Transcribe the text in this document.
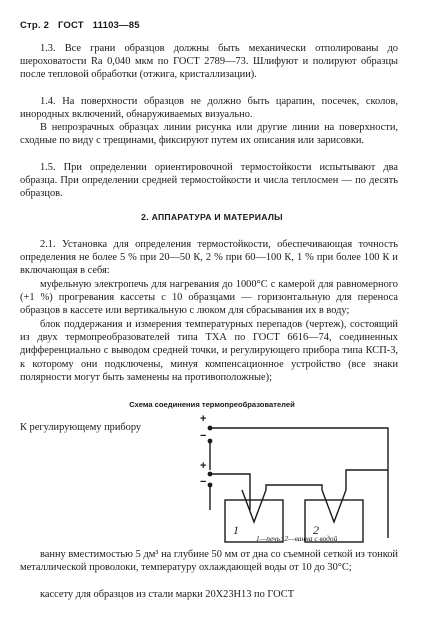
Стр. 2 ГОСТ 11103—85

1.3. Все грани образцов должны быть механически отполированы до шероховатости Ra 0,040 мкм по ГОСТ 2789—73. Шлифуют и полируют образцы после тепловой обработки (отжига, кристаллизации).

1.4. На поверхности образцов не должно быть царапин, посечек, сколов, инородных включений, обнаруживаемых визуально.

В непрозрачных образцах линии рисунка или другие линии на поверхности, сходные по виду с трещинами, фиксируют путем их описания или зарисовки.

1.5. При определении ориентировочной термостойкости испытывают два образца. При определении средней термостойкости и числа теплосмен — по десять образцов.

2. АППАРАТУРА И МАТЕРИАЛЫ

2.1. Установка для определения термостойкости, обеспечивающая точность определения не более 5 % при 20—50 К, 2 % при 60—100 К, 1 % при более 100 К и включающая в себя:

муфельную электропечь для нагревания до 1000°С с камерой для равномерного (+1 %) прогревания кассеты с 10 образцами — горизонтальную для переноса образцов в кассете или вертикальную с люком для сбрасывания их в воду;

блок поддержания и измерения температурных перепадов (чертеж), состоящий из двух термопреобразователей типа ТХА по ГОСТ 6616—74, соединенных дифференциально с выводом средней точки, и регулирующего прибора типа КСП-3, к которому они подключены, минуя компенсационное устройство (все знаки полярности могут быть заменены на противоположные);

Схема соединения термопреобразователей
К регулирующему прибору
1	2
+
−
+
−
1—печь; 2—ванна с водой

ванну вместимостью 5 дм³ на глубине 50 мм от дна со съемной сеткой из тонкой металлической проволоки, температуру охлаждающей воды от 10 до 30°С;

кассету для образцов из стали марки 20Х23Н13 по ГОСТ
